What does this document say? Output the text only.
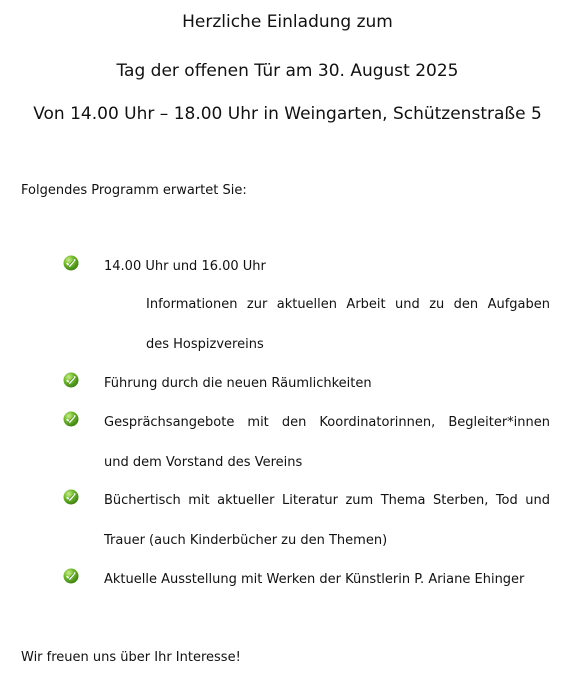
Herzliche Einladung zum
Tag der offenen Tür am 30. August 2025
Von 14.00 Uhr – 18.00 Uhr in Weingarten, Schützenstraße 5
Folgendes Programm erwartet Sie:
14.00 Uhr und 16.00 Uhr
Informationen zur aktuellen Arbeit und zu den Aufgaben
des Hospizvereins
Führung durch die neuen Räumlichkeiten
Gesprächsangebote mit den Koordinatorinnen, Begleiter*innen
und dem Vorstand des Vereins
Büchertisch mit aktueller Literatur zum Thema Sterben, Tod und
Trauer (auch Kinderbücher zu den Themen)
Aktuelle Ausstellung mit Werken der Künstlerin P. Ariane Ehinger
Wir freuen uns über Ihr Interesse!
